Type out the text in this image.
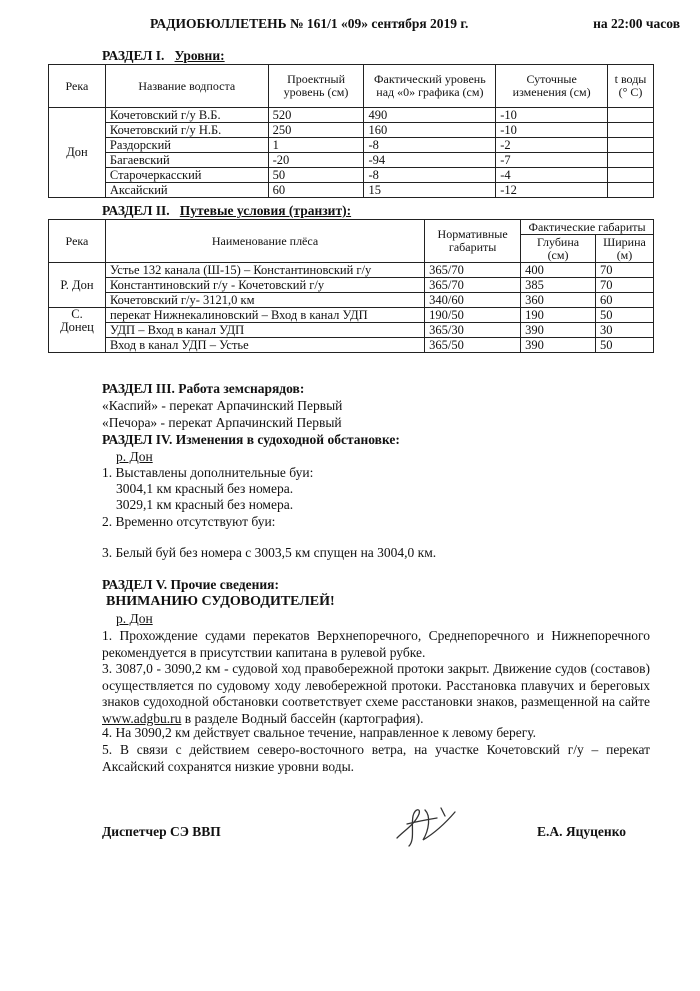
РАДИОБЮЛЛЕТЕНЬ № 161/1 «09» сентября 2019 г.	на 22:00 часов
РАЗДЕЛ I. Уровни:
Река	Название водпоста	Проектный уровень (см)	Фактический уровень над «0» графика (см)	Суточные изменения (см)	t воды (° С)
Дон	Кочетовский г/у В.Б.	520	490	-10	
	Кочетовский г/у Н.Б.	250	160	-10	
	Раздорский	1	-8	-2	
	Багаевский	-20	-94	-7	
	Старочеркасский	50	-8	-4	
	Аксайский	60	15	-12	
РАЗДЕЛ II. Путевые условия (транзит):
Река	Наименование плёса	Нормативные габариты	Фактические габариты	
			Глубина (см)	Ширина (м)
Р. Дон	Устье 132 канала (Ш-15) – Константиновский г/у	365/70	400	70
	Константиновский г/у - Кочетовский г/у	365/70	385	70
	Кочетовский г/у- 3121,0 км	340/60	360	60
С. Донец	перекат Нижнекалиновский – Вход в канал УДП	190/50	190	50
	УДП – Вход в канал УДП	365/30	390	30
	Вход в канал УДП – Устье	365/50	390	50
РАЗДЕЛ III. Работа земснарядов:
«Каспий» - перекат Арпачинский Первый
«Печора» - перекат Арпачинский Первый
РАЗДЕЛ IV. Изменения в судоходной обстановке:
р. Дон
1. Выставлены дополнительные буи:
3004,1 км красный без номера.
3029,1 км красный без номера.
2. Временно отсутствуют буи:
3. Белый буй без номера с 3003,5 км спущен на 3004,0 км.
РАЗДЕЛ V. Прочие сведения:
ВНИМАНИЮ СУДОВОДИТЕЛЕЙ!
р. Дон
1. Прохождение судами перекатов Верхнепоречного, Среднепоречного и Нижнепоречного рекомендуется в присутствии капитана в рулевой рубке.
3. 3087,0 - 3090,2 км - судовой ход правобережной протоки закрыт. Движение судов (составов) осуществляется по судовому ходу левобережной протоки. Расстановка плавучих и береговых знаков судоходной обстановки соответствует схеме расстановки знаков, размещенной на сайте www.adgbu.ru в разделе Водный бассейн (картография).
4. На 3090,2 км действует свальное течение, направленное к левому берегу.
5. В связи с действием северо-восточного ветра, на участке Кочетовский г/у – перекат Аксайский сохранятся низкие уровни воды.
Диспетчер СЭ ВВП	Е.А. Яцуценко
